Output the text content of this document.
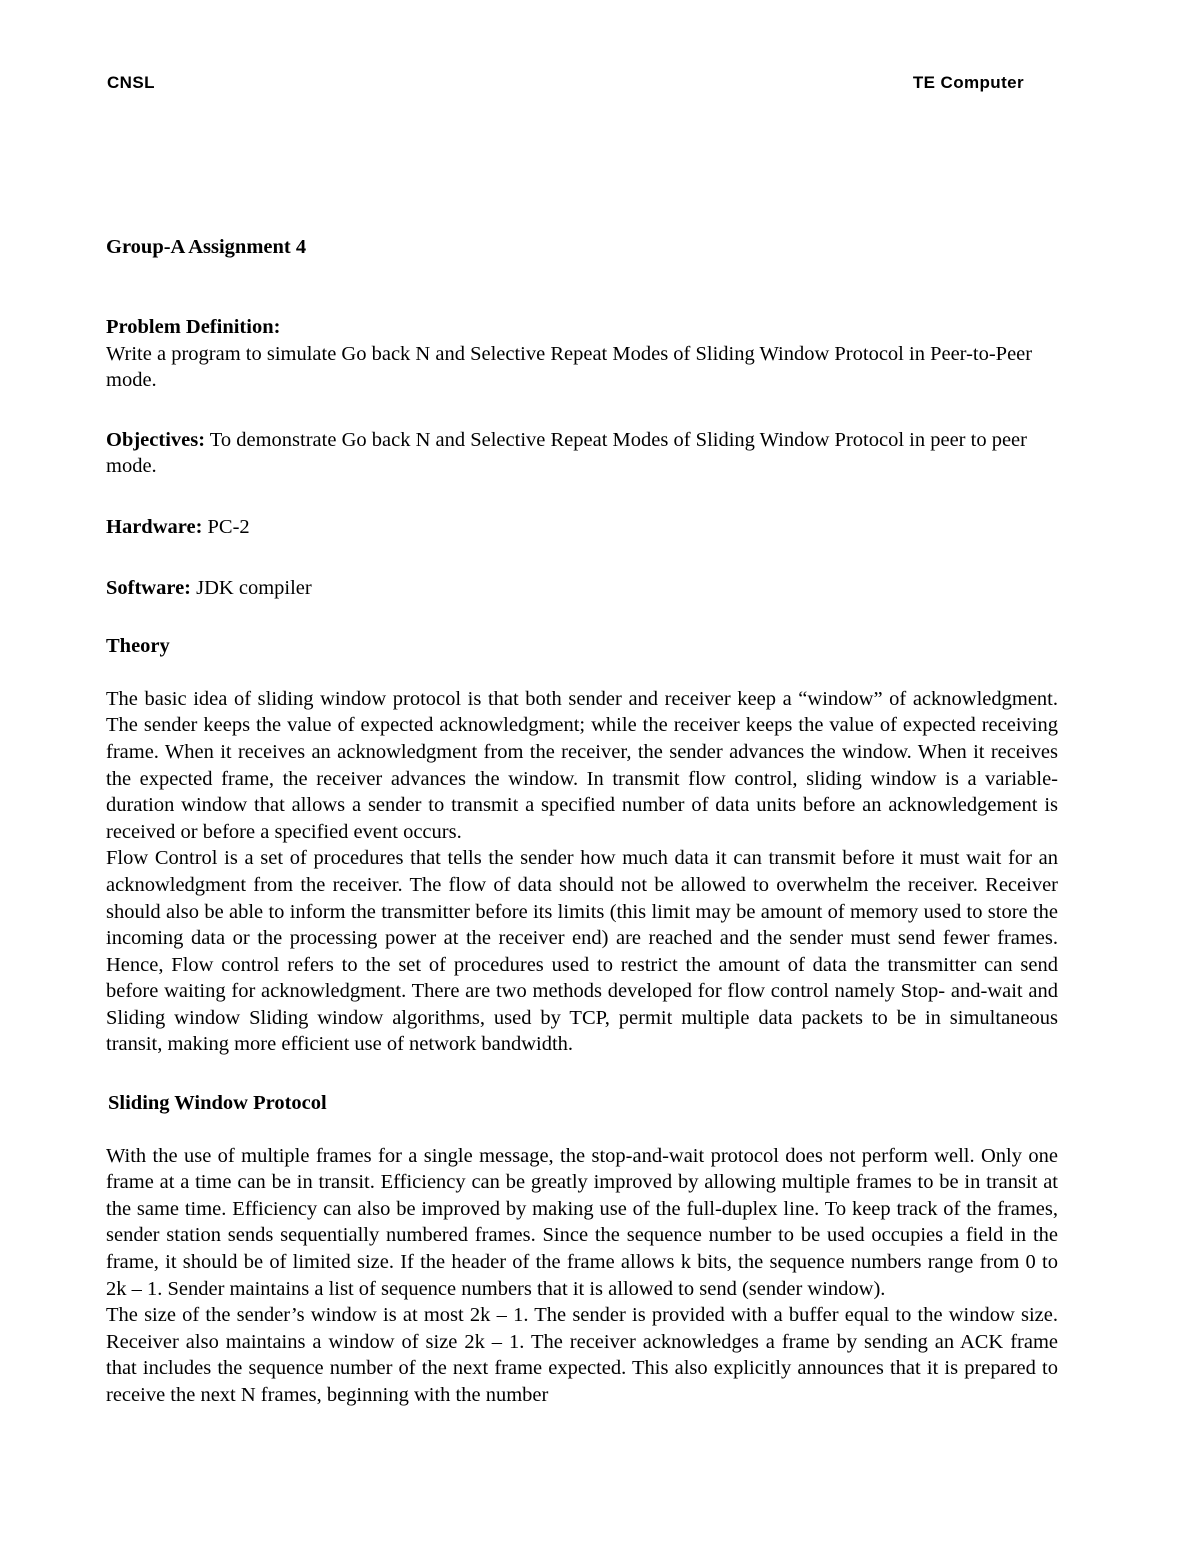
CNSL	TE Computer
Group-A Assignment 4
Problem Definition:

Write a program to simulate Go back N and Selective Repeat Modes of Sliding Window Protocol in Peer-to-Peer mode.

Objectives: To demonstrate Go back N and Selective Repeat Modes of Sliding Window Protocol in peer to peer mode.

Hardware: PC-2

Software: JDK compiler

Theory

The basic idea of sliding window protocol is that both sender and receiver keep a “window” of acknowledgment. The sender keeps the value of expected acknowledgment; while the receiver keeps the value of expected receiving frame. When it receives an acknowledgment from the receiver, the sender advances the window. When it receives the expected frame, the receiver advances the window. In transmit flow control, sliding window is a variable-duration window that allows a sender to transmit a specified number of data units before an acknowledgement is received or before a specified event occurs.

Flow Control is a set of procedures that tells the sender how much data it can transmit before it must wait for an acknowledgment from the receiver. The flow of data should not be allowed to overwhelm the receiver. Receiver should also be able to inform the transmitter before its limits (this limit may be amount of memory used to store the incoming data or the processing power at the receiver end) are reached and the sender must send fewer frames. Hence, Flow control refers to the set of procedures used to restrict the amount of data the transmitter can send before waiting for acknowledgment. There are two methods developed for flow control namely Stop- and-wait and Sliding window Sliding window algorithms, used by TCP, permit multiple data packets to be in simultaneous transit, making more efficient use of network bandwidth.

Sliding Window Protocol

With the use of multiple frames for a single message, the stop-and-wait protocol does not perform well. Only one frame at a time can be in transit. Efficiency can be greatly improved by allowing multiple frames to be in transit at the same time. Efficiency can also be improved by making use of the full-duplex line. To keep track of the frames, sender station sends sequentially numbered frames. Since the sequence number to be used occupies a field in the frame, it should be of limited size. If the header of the frame allows k bits, the sequence numbers range from 0 to 2k – 1. Sender maintains a list of sequence numbers that it is allowed to send (sender window).

The size of the sender’s window is at most 2k – 1. The sender is provided with a buffer equal to the window size. Receiver also maintains a window of size 2k – 1. The receiver acknowledges a frame by sending an ACK frame that includes the sequence number of the next frame expected. This also explicitly announces that it is prepared to receive the next N frames, beginning with the number
